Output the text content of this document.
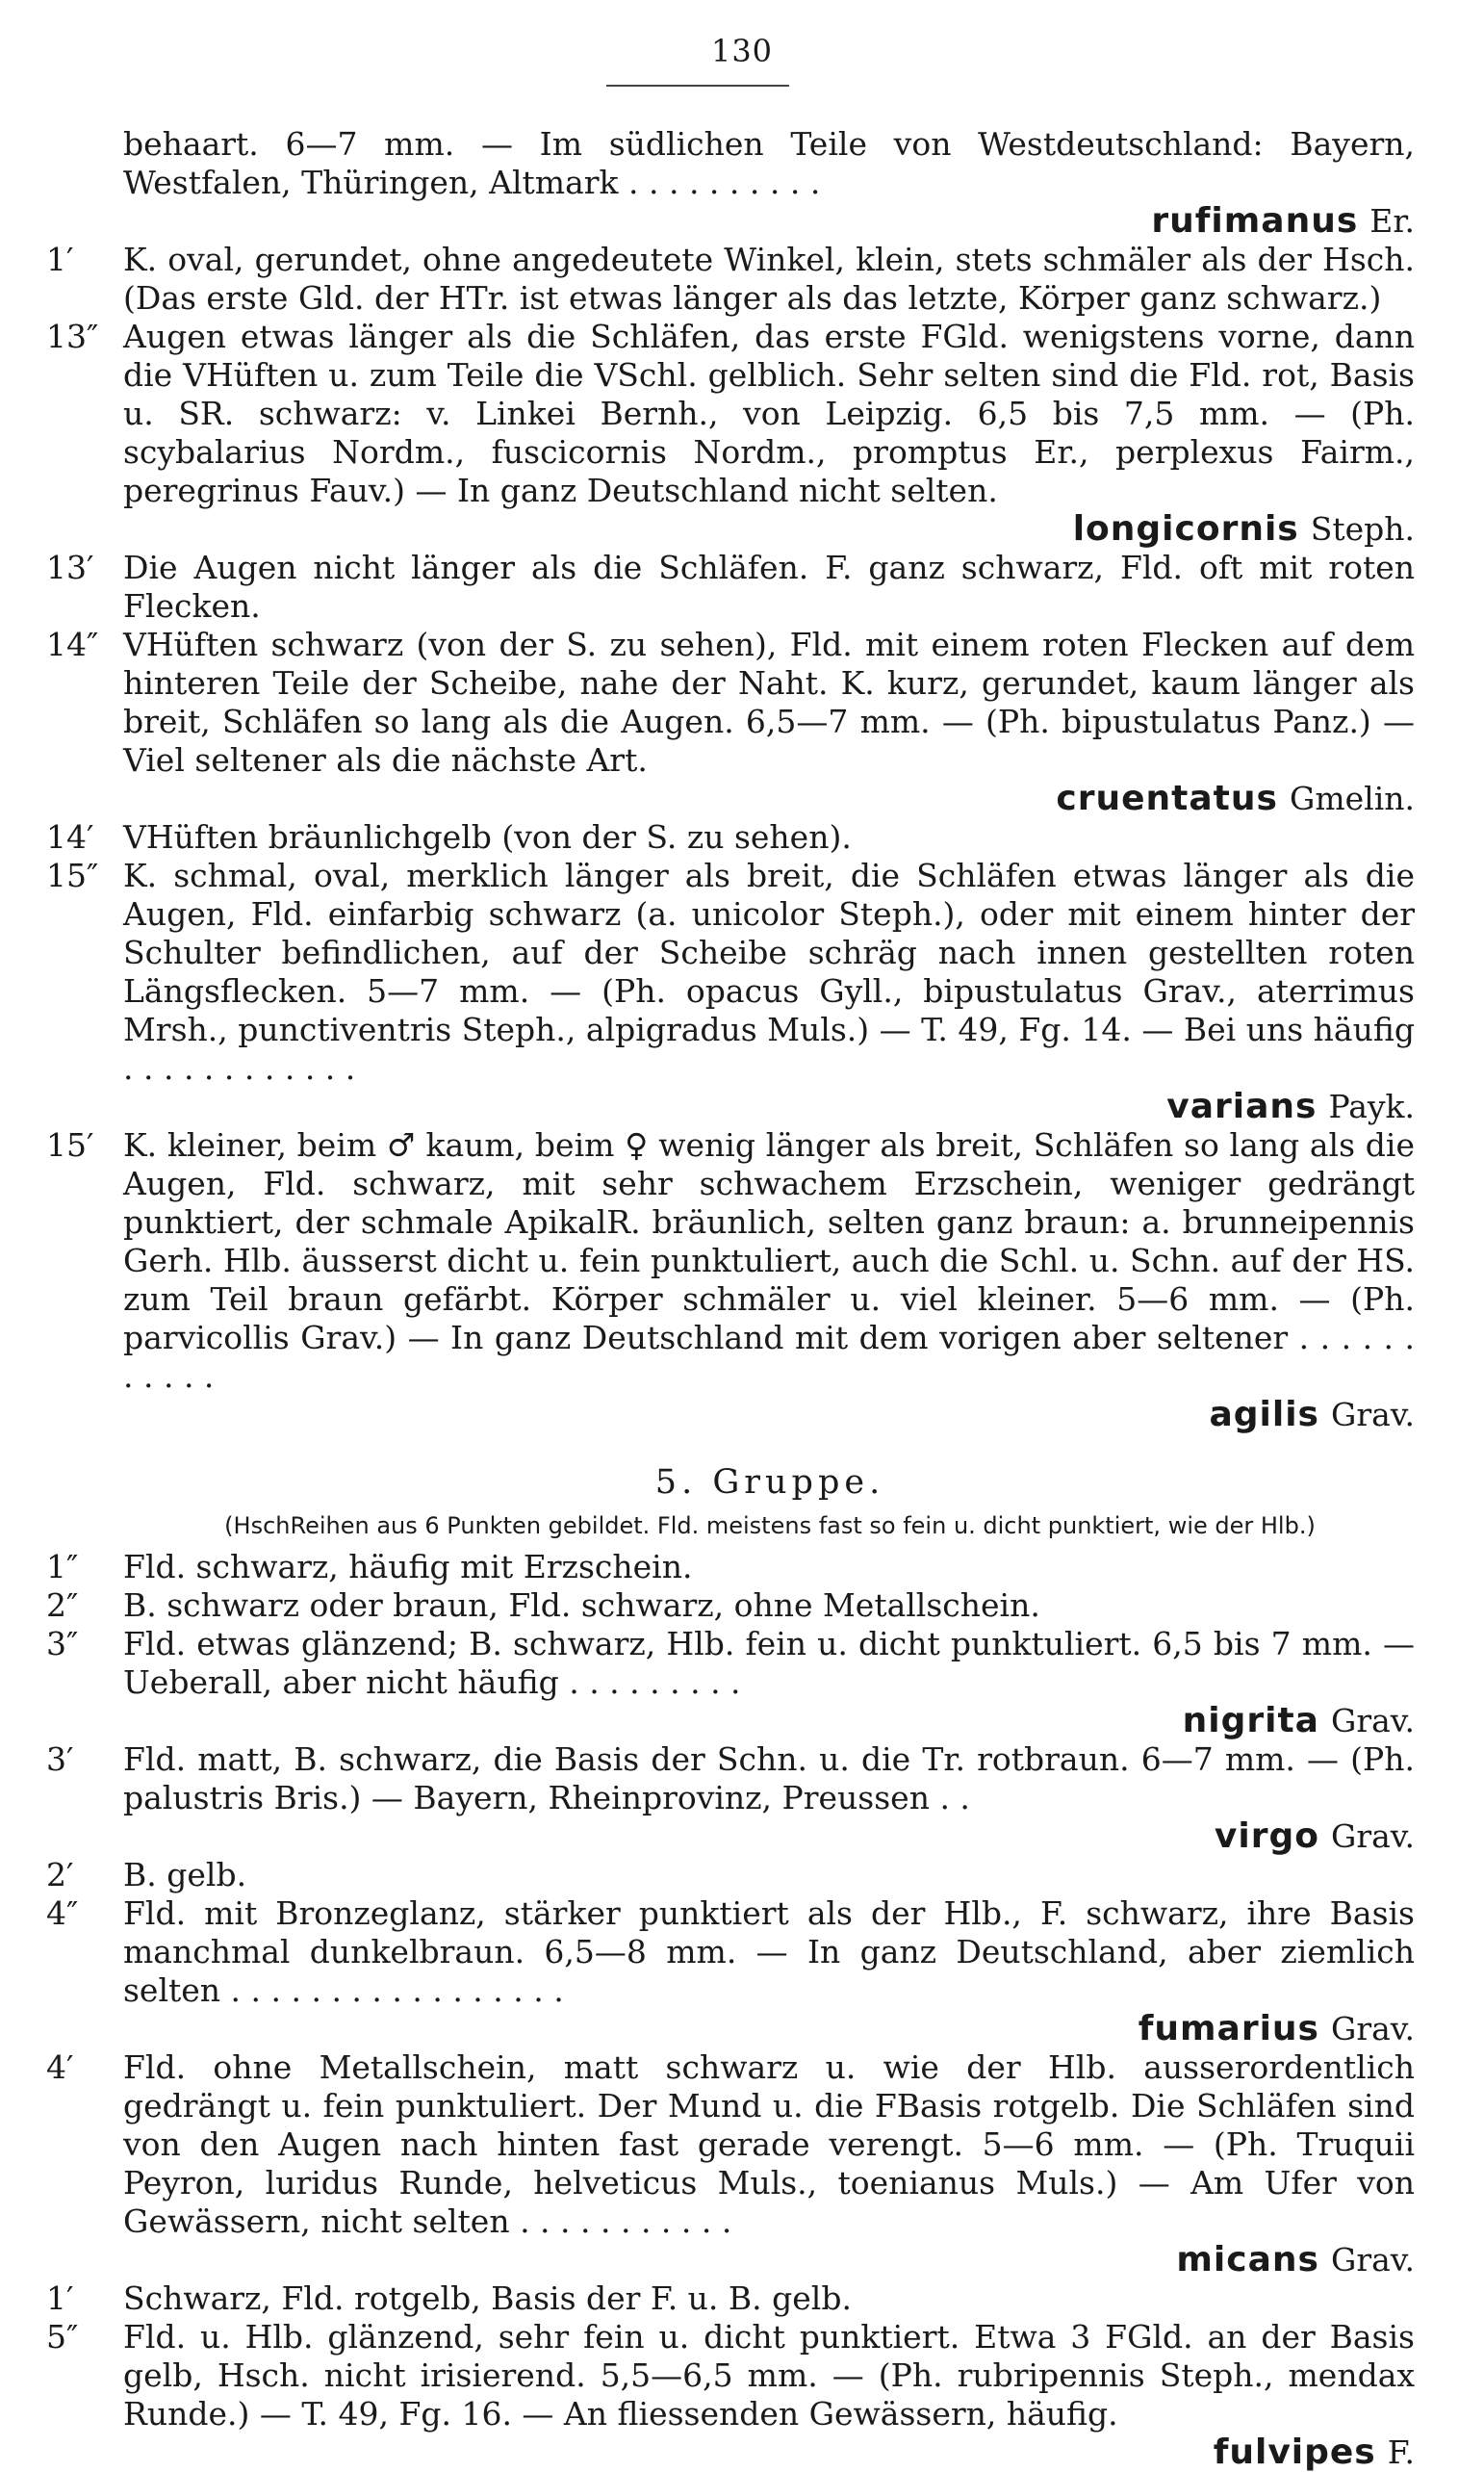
130
behaart. 6—7 mm. — Im südlichen Teile von Westdeutschland: Bayern, Westfalen, Thüringen, Altmark . . . . . . . . . .
rufimanus Er.
1′	K. oval, gerundet, ohne angedeutete Winkel, klein, stets schmäler als der Hsch. (Das erste Gld. der HTr. ist etwas länger als das letzte, Körper ganz schwarz.)
13″ Augen etwas länger als die Schläfen, das erste FGld. wenigstens vorne, dann die VHüften u. zum Teile die VSchl. gelblich. Sehr selten sind die Fld. rot, Basis u. SR. schwarz: v. Linkei Bernh., von Leipzig. 6,5 bis 7,5 mm. — (Ph. scybalarius Nordm., fuscicornis Nordm., promptus Er., perplexus Fairm., peregrinus Fauv.) — In ganz Deutschland nicht selten.
longicornis Steph.
13′ Die Augen nicht länger als die Schläfen. F. ganz schwarz, Fld. oft mit roten Flecken.
14″ VHüften schwarz (von der S. zu sehen), Fld. mit einem roten Flecken auf dem hinteren Teile der Scheibe, nahe der Naht. K. kurz, gerundet, kaum länger als breit, Schläfen so lang als die Augen. 6,5—7 mm. — (Ph. bipustulatus Panz.) — Viel seltener als die nächste Art.
cruentatus Gmelin.
14′ VHüften bräunlichgelb (von der S. zu sehen).
15″ K. schmal, oval, merklich länger als breit, die Schläfen etwas länger als die Augen, Fld. einfarbig schwarz (a. unicolor Steph.), oder mit einem hinter der Schulter befindlichen, auf der Scheibe schräg nach innen gestellten roten Längsflecken. 5—7 mm. — (Ph. opacus Gyll., bipustulatus Grav., aterrimus Mrsh., punctiventris Steph., alpigradus Muls.) — T. 49, Fg. 14. — Bei uns häufig . . . . . . . . . . . .
varians Payk.
15′ K. kleiner, beim ♂ kaum, beim ♀ wenig länger als breit, Schläfen so lang als die Augen, Fld. schwarz, mit sehr schwachem Erzschein, weniger gedrängt punktiert, der schmale ApikalR. bräunlich, selten ganz braun: a. brunneipennis Gerh. Hlb. äusserst dicht u. fein punktuliert, auch die Schl. u. Schn. auf der HS. zum Teil braun gefärbt. Körper schmäler u. viel kleiner. 5—6 mm. — (Ph. parvicollis Grav.) — In ganz Deutschland mit dem vorigen aber seltener . . . . . . . . . . .
agilis Grav.
5. Gruppe.
(HschReihen aus 6 Punkten gebildet. Fld. meistens fast so fein u. dicht punktiert, wie der Hlb.)
1″	Fld. schwarz, häufig mit Erzschein.
2″	B. schwarz oder braun, Fld. schwarz, ohne Metallschein.
3″	Fld. etwas glänzend; B. schwarz, Hlb. fein u. dicht punktuliert. 6,5 bis 7 mm. — Ueberall, aber nicht häufig . . . . . . . . .
nigrita Grav.
3′	Fld. matt, B. schwarz, die Basis der Schn. u. die Tr. rotbraun. 6—7 mm. — (Ph. palustris Bris.) — Bayern, Rheinprovinz, Preussen . .
virgo Grav.
2′	B. gelb.
4″	Fld. mit Bronzeglanz, stärker punktiert als der Hlb., F. schwarz, ihre Basis manchmal dunkelbraun. 6,5—8 mm. — In ganz Deutschland, aber ziemlich selten . . . . . . . . . . . . . . . . .
fumarius Grav.
4′	Fld. ohne Metallschein, matt schwarz u. wie der Hlb. ausserordentlich gedrängt u. fein punktuliert. Der Mund u. die FBasis rotgelb. Die Schläfen sind von den Augen nach hinten fast gerade verengt. 5—6 mm. — (Ph. Truquii Peyron, luridus Runde, helveticus Muls., toenianus Muls.) — Am Ufer von Gewässern, nicht selten . . . . . . . . . . .
micans Grav.
1′	Schwarz, Fld. rotgelb, Basis der F. u. B. gelb.
5″	Fld. u. Hlb. glänzend, sehr fein u. dicht punktiert. Etwa 3 FGld. an der Basis gelb, Hsch. nicht irisierend. 5,5—6,5 mm. — (Ph. rubripennis Steph., mendax Runde.) — T. 49, Fg. 16. — An fliessenden Gewässern, häufig.
fulvipes F.
